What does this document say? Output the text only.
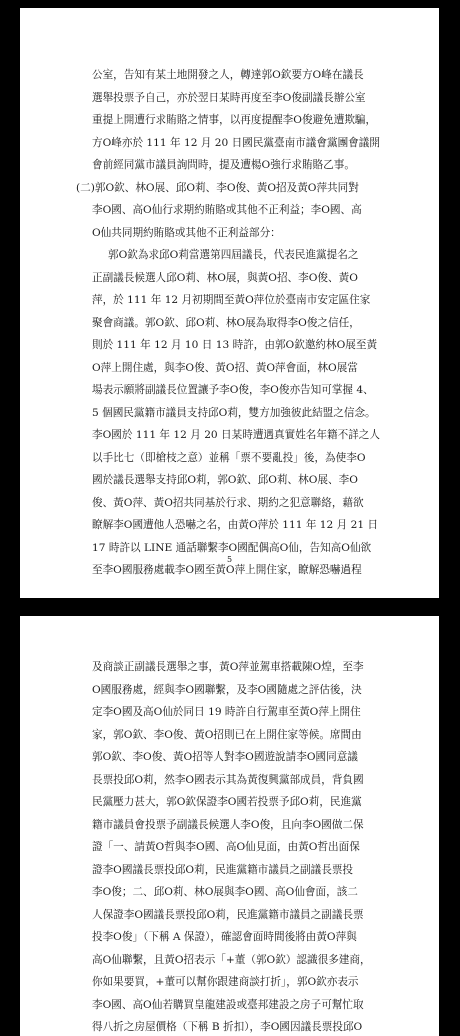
公室，告知有某土地開發之人，轉達郭O欽要方O峰在議長
選舉投票予自己，亦於翌日某時再度至李O俊副議長辦公室
重提上開遭行求賄賂之情事，以再度提醒李O俊避免遭欺騙，
方O峰亦於 111 年 12 月 20 日國民黨臺南市議會黨團會議開
會前經同黨市議員詢問時，提及遭楊O強行求賄賂乙事。
(二)郭O欽、林O展、邱O莉、李O俊、黃O招及黃O萍共同對
李O國、高O仙行求期約賄賂或其他不正利益；李O國、高
O仙共同期約賄賂或其他不正利益部分：
郭O欽為求邱O莉當選第四屆議長，代表民進黨提名之
正副議長候選人邱O莉、林O展，與黃O招、李O俊、黃O
萍，於 111 年 12 月初期間至黃O萍位於臺南市安定區住家
聚會商議。郭O欽、邱O莉、林O展為取得李O俊之信任，
則於 111 年 12 月 10 日 13 時許，由郭O欽邀約林O展至黃
O萍上開住處，與李O俊、黃O招、黃O萍會面，林O展當
場表示願將副議長位置讓予李O俊，李O俊亦告知可掌握 4、
5 個國民黨籍市議員支持邱O莉，雙方加強彼此結盟之信念。
李O國於 111 年 12 月 20 日某時遭遇真實姓名年籍不詳之人
以手比七（即槍枝之意）並稱「票不要亂投」後，為使李O
國於議長選舉支持邱O莉，郭O欽、邱O莉、林O展、李O
俊、黃O萍、黃O招共同基於行求、期約之犯意聯絡，藉欲
瞭解李O國遭他人恐嚇之名，由黃O萍於 111 年 12 月 21 日
17 時許以 LINE 通話聯繫李O國配偶高O仙，告知高O仙欲
至李O國服務處載李O國至黃O萍上開住家，瞭解恐嚇過程
5
及商談正副議長選舉之事，黃O萍並駕車搭載陳O煌，至李
O國服務處，經與李O國聯繫，及李O國隨處之評估後，決
定李O國及高O仙於同日 19 時許自行駕車至黃O萍上開住
家，郭O欽、李O俊、黃O招則已在上開住家等候。席間由
郭O欽、李O俊、黃O招等人對李O國遊說請李O國同意議
長票投邱O莉，然李O國表示其為黃復興黨部成員，背負國
民黨壓力甚大，郭O欽保證李O國若投票予邱O莉，民進黨
籍市議員會投票予副議長候選人李O俊，且向李O國做二保
證「一、請黃O哲與李O國、高O仙見面，由黃O哲出面保
證李O國議長票投邱O莉，民進黨籍市議員之副議長票投
李O俊；二、邱O莉、林O展與李O國、高O仙會面，該二
人保證李O國議長票投邱O莉，民進黨籍市議員之副議長票
投李O俊」（下稱 A 保證），確認會面時間後將由黃O萍與
高O仙聯繫，且黃O招表示「+董（郭O欽）認識很多建商，
你如果要買，+董可以幫你跟建商談打折」，郭O欽亦表示
李O國、高O仙若購買皇龍建設或臺邦建設之房子可幫忙取
得八折之房屋價格（下稱 B 折扣），李O國因議長票投邱O
